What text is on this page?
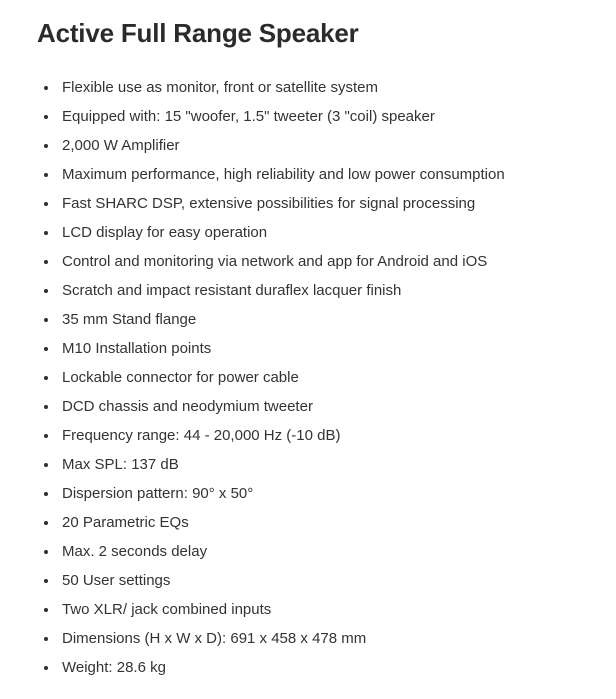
Active Full Range Speaker
Flexible use as monitor, front or satellite system
Equipped with: 15 "woofer, 1.5" tweeter (3 "coil) speaker
2,000 W Amplifier
Maximum performance, high reliability and low power consumption
Fast SHARC DSP, extensive possibilities for signal processing
LCD display for easy operation
Control and monitoring via network and app for Android and iOS
Scratch and impact resistant duraflex lacquer finish
35 mm Stand flange
M10 Installation points
Lockable connector for power cable
DCD chassis and neodymium tweeter
Frequency range: 44 - 20,000 Hz (-10 dB)
Max SPL: 137 dB
Dispersion pattern: 90° x 50°
20 Parametric EQs
Max. 2 seconds delay
50 User settings
Two XLR/ jack combined inputs
Dimensions (H x W x D): 691 x 458 x 478 mm
Weight: 28.6 kg
